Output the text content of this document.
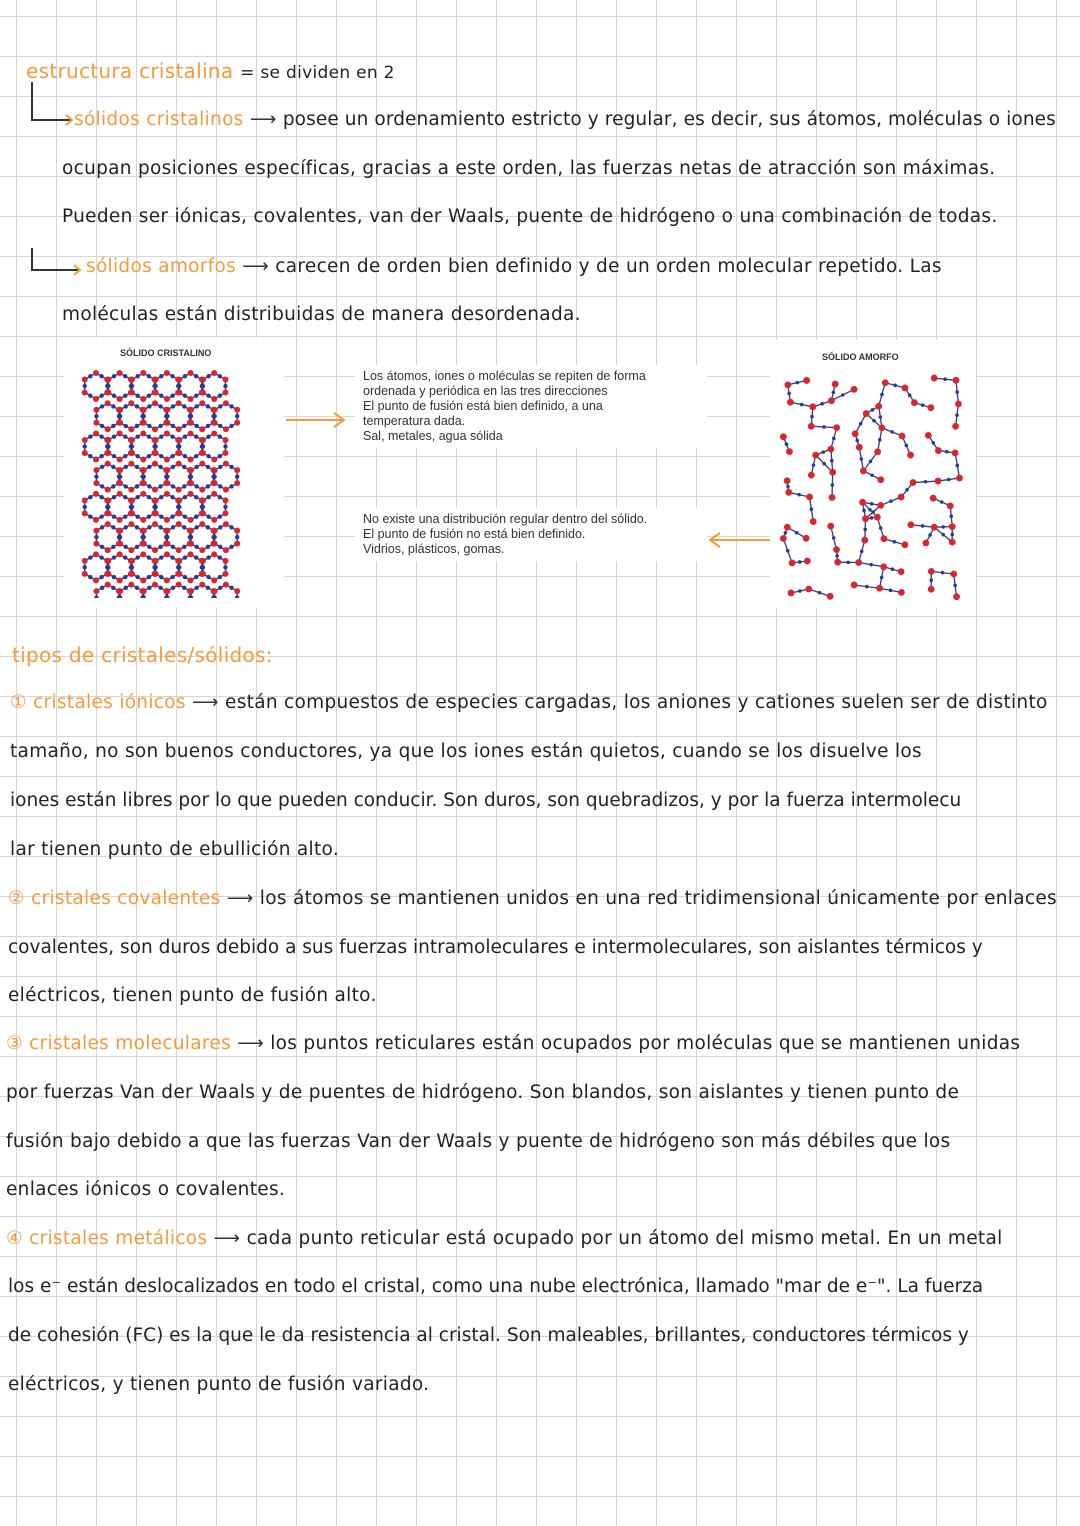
estructura cristalina = se dividen en 2
sólidos cristalinos ⟶ posee un ordenamiento estricto y regular, es decir, sus átomos, moléculas o iones
ocupan posiciones específicas, gracias a este orden, las fuerzas netas de atracción son máximas.
Pueden ser iónicas, covalentes, van der Waals, puente de hidrógeno o una combinación de todas.
sólidos amorfos ⟶ carecen de orden bien definido y de un orden molecular repetido. Las
moléculas están distribuidas de manera desordenada.
SÓLIDO CRISTALINO
Los átomos, iones o moléculas se repiten de forma
ordenada y periódica en las tres direcciones
El punto de fusión está bien definido, a una
temperatura dada.
Sal, metales, agua sólida
No existe una distribución regular dentro del sólido.
El punto de fusión no está bien definido.
Vidrios, plásticos, gomas.
SÓLIDO AMORFO
tipos de cristales/sólidos:
① cristales iónicos ⟶ están compuestos de especies cargadas, los aniones y cationes suelen ser de distinto
tamaño, no son buenos conductores, ya que los iones están quietos, cuando se los disuelve los
iones están libres por lo que pueden conducir. Son duros, son quebradizos, y por la fuerza intermolecu
lar tienen punto de ebullición alto.
② cristales covalentes ⟶ los átomos se mantienen unidos en una red tridimensional únicamente por enlaces
covalentes, son duros debido a sus fuerzas intramoleculares e intermoleculares, son aislantes térmicos y
eléctricos, tienen punto de fusión alto.
③ cristales moleculares ⟶ los puntos reticulares están ocupados por moléculas que se mantienen unidas
por fuerzas Van der Waals y de puentes de hidrógeno. Son blandos, son aislantes y tienen punto de
fusión bajo debido a que las fuerzas Van der Waals y puente de hidrógeno son más débiles que los
enlaces iónicos o covalentes.
④ cristales metálicos ⟶ cada punto reticular está ocupado por un átomo del mismo metal. En un metal
los e⁻ están deslocalizados en todo el cristal, como una nube electrónica, llamado "mar de e⁻". La fuerza
de cohesión (FC) es la que le da resistencia al cristal. Son maleables, brillantes, conductores térmicos y
eléctricos, y tienen punto de fusión variado.
